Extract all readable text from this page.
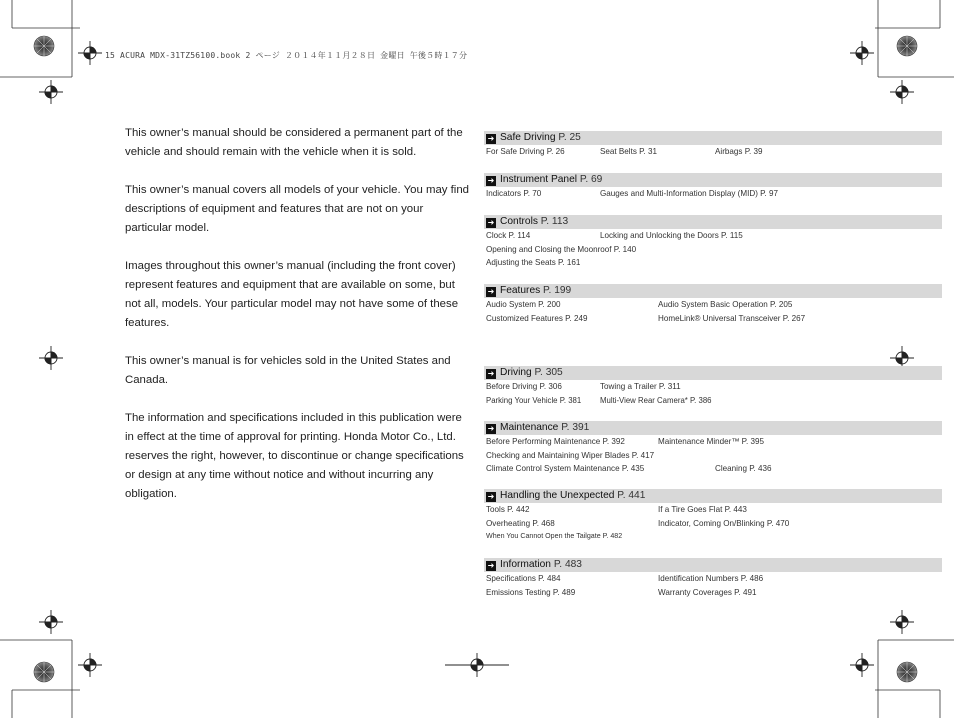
15 ACURA MDX-31TZ56100.book 2 ページ ２０１４年１１月２８日 金曜日 午後５時１７分

This owner’s manual should be considered a permanent part of the vehicle and should remain with the vehicle when it is sold.

This owner’s manual covers all models of your vehicle. You may find descriptions of equipment and features that are not on your particular model.

Images throughout this owner’s manual (including the front cover) represent features and equipment that are available on some, but not all, models. Your particular model may not have some of these features.

This owner’s manual is for vehicles sold in the United States and Canada.

The information and specifications included in this publication were in effect at the time of approval for printing. Honda Motor Co., Ltd. reserves the right, however, to discontinue or change specifications or design at any time without notice and without incurring any obligation.

➜ Safe Driving P. 25
For Safe Driving P. 26	Seat Belts P. 31	Airbags P. 39
➜ Instrument Panel P. 69
Indicators P. 70	Gauges and Multi-Information Display (MID) P. 97
➜ Controls P. 113
Clock P. 114	Locking and Unlocking the Doors P. 115
Opening and Closing the Moonroof P. 140
Adjusting the Seats P. 161
➜ Features P. 199
Audio System P. 200	Audio System Basic Operation P. 205
Customized Features P. 249	HomeLink® Universal Transceiver P. 267
➜ Driving P. 305
Before Driving P. 306	Towing a Trailer P. 311
Parking Your Vehicle P. 381 Multi-View Rear Camera* P. 386
➜ Maintenance P. 391
Before Performing Maintenance P. 392	Maintenance Minder™ P. 395
Checking and Maintaining Wiper Blades P. 417
Climate Control System Maintenance P. 435	Cleaning P. 436
➜ Handling the Unexpected P. 441
Tools P. 442	If a Tire Goes Flat P. 443
Overheating P. 468	Indicator, Coming On/Blinking P. 470
When You Cannot Open the Tailgate P. 482
➜ Information P. 483
Specifications P. 484	Identification Numbers P. 486
Emissions Testing P. 489	Warranty Coverages P. 491
